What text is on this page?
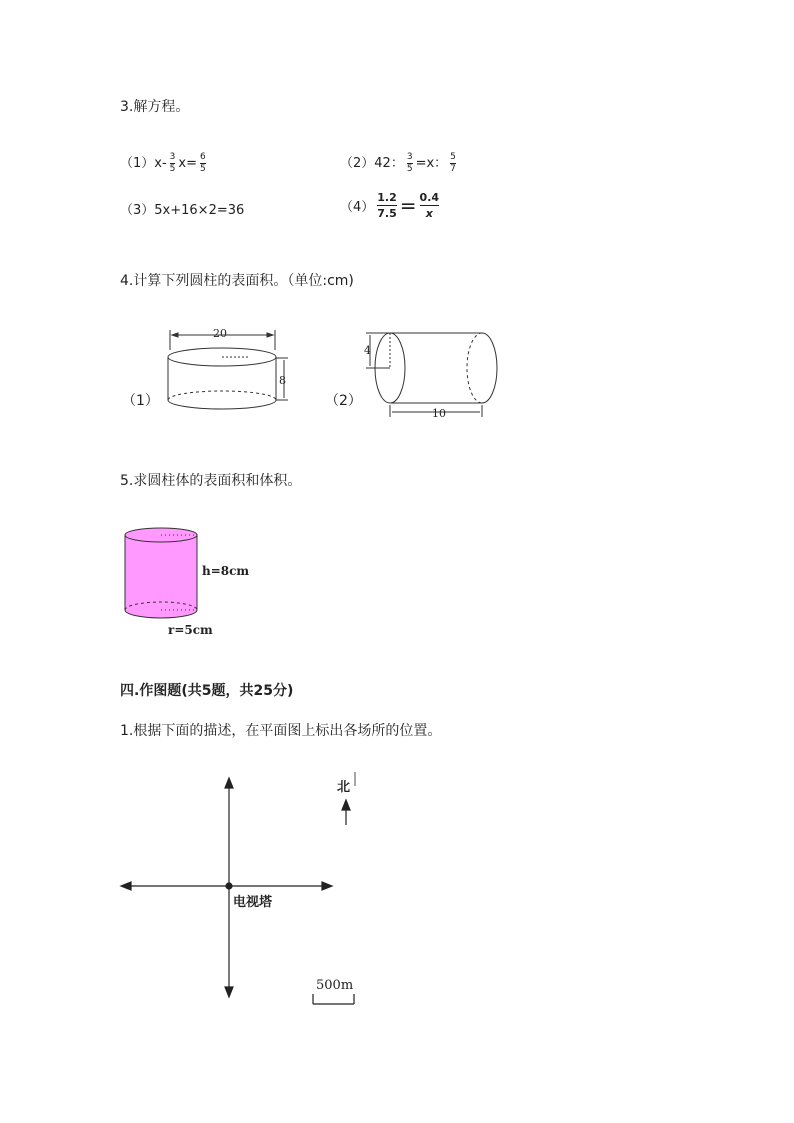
3.解方程。
$(1)x- \frac{3}{5} x= \frac{6}{5}$	（2）42： $\frac{3}{5} =x$： $\frac{5}{7}$
（3）5x+16×2=36	$(4) \frac{1.2}{7.5} = \frac{0.4}{x}$
4.计算下列圆柱的表面积。（单位:cm)
（1）
20
8
（2）
4
10
5.求圆柱体的表面积和体积。
h=8cm
r=5cm
四.作图题(共5题，共25分)
1.根据下面的描述，在平面图上标出各场所的位置。
北
电视塔
500m
